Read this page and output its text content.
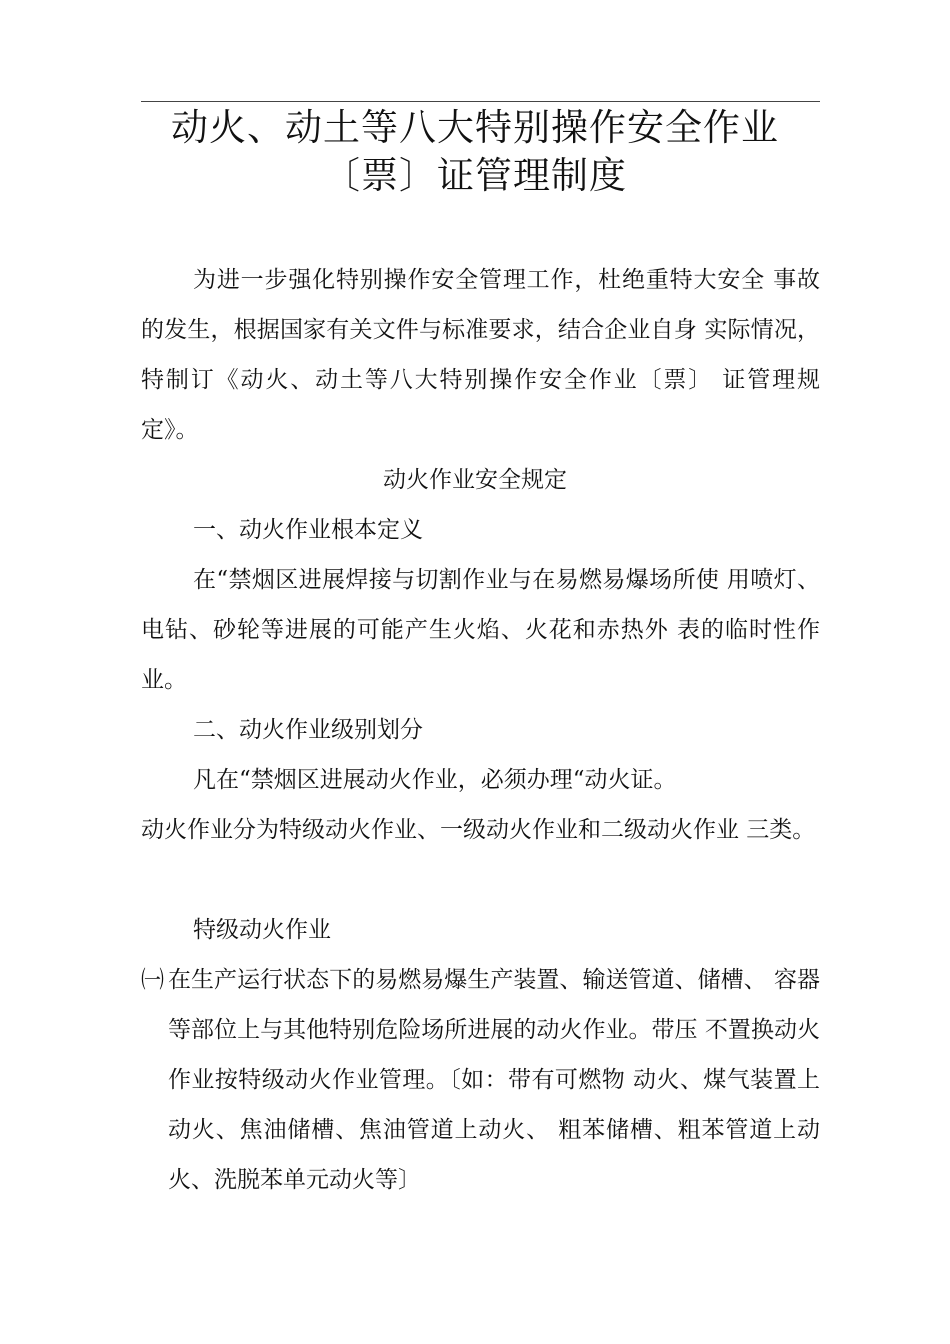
动火、动土等八大特别操作安全作业
〔票〕证管理制度
为进一步强化特别操作安全管理工作，杜绝重特大安全 事故的发生，根据国家有关文件与标准要求，结合企业自身 实际情况，特制订《动火、动土等八大特别操作安全作业〔票〕 证管理规定》。
动火作业安全规定
一、动火作业根本定义
在“禁烟区进展焊接与切割作业与在易燃易爆场所使 用喷灯、电钻、砂轮等进展的可能产生火焰、火花和赤热外 表的临时性作业。
二、动火作业级别划分
凡在“禁烟区进展动火作业，必须办理“动火证。
动火作业分为特级动火作业、一级动火作业和二级动火作业 三类。
特级动火作业
㈠ 在生产运行状态下的易燃易爆生产装置、输送管道、储槽、 容器等部位上与其他特别危险场所进展的动火作业。带压 不置换动火作业按特级动火作业管理。〔如：带有可燃物 动火、煤气装置上动火、焦油储槽、焦油管道上动火、 粗苯储槽、粗苯管道上动火、洗脱苯单元动火等〕
